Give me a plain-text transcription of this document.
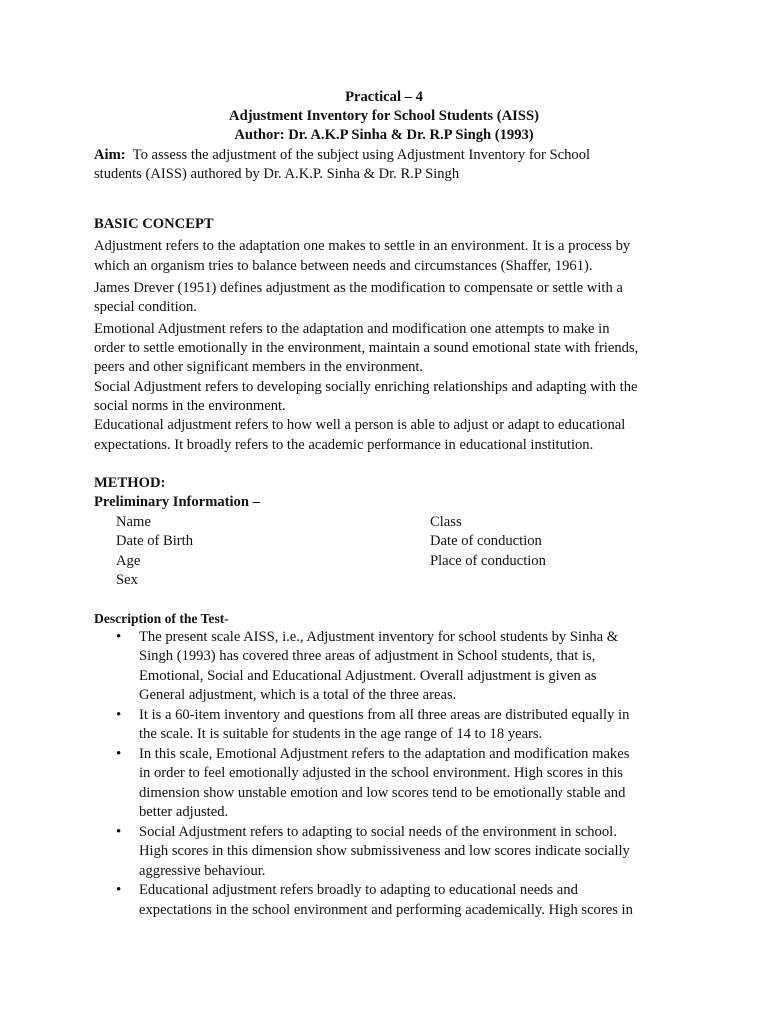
Practical – 4
Adjustment Inventory for School Students (AISS)
Author: Dr. A.K.P Sinha & Dr. R.P Singh (1993)
Aim: To assess the adjustment of the subject using Adjustment Inventory for School
students (AISS) authored by Dr. A.K.P. Sinha & Dr. R.P Singh
BASIC CONCEPT
Adjustment refers to the adaptation one makes to settle in an environment. It is a process by
which an organism tries to balance between needs and circumstances (Shaffer, 1961).
James Drever (1951) defines adjustment as the modification to compensate or settle with a
special condition.
Emotional Adjustment refers to the adaptation and modification one attempts to make in
order to settle emotionally in the environment, maintain a sound emotional state with friends,
peers and other significant members in the environment.
Social Adjustment refers to developing socially enriching relationships and adapting with the
social norms in the environment.
Educational adjustment refers to how well a person is able to adjust or adapt to educational
expectations. It broadly refers to the academic performance in educational institution.
METHOD:
Preliminary Information –
Name
Date of Birth
Age
Sex
Class
Date of conduction
Place of conduction
Description of the Test-
• The present scale AISS, i.e., Adjustment inventory for school students by Sinha &
Singh (1993) has covered three areas of adjustment in School students, that is,
Emotional, Social and Educational Adjustment. Overall adjustment is given as
General adjustment, which is a total of the three areas.
• It is a 60-item inventory and questions from all three areas are distributed equally in
the scale. It is suitable for students in the age range of 14 to 18 years.
• In this scale, Emotional Adjustment refers to the adaptation and modification makes
in order to feel emotionally adjusted in the school environment. High scores in this
dimension show unstable emotion and low scores tend to be emotionally stable and
better adjusted.
• Social Adjustment refers to adapting to social needs of the environment in school.
High scores in this dimension show submissiveness and low scores indicate socially
aggressive behaviour.
• Educational adjustment refers broadly to adapting to educational needs and
expectations in the school environment and performing academically. High scores in
